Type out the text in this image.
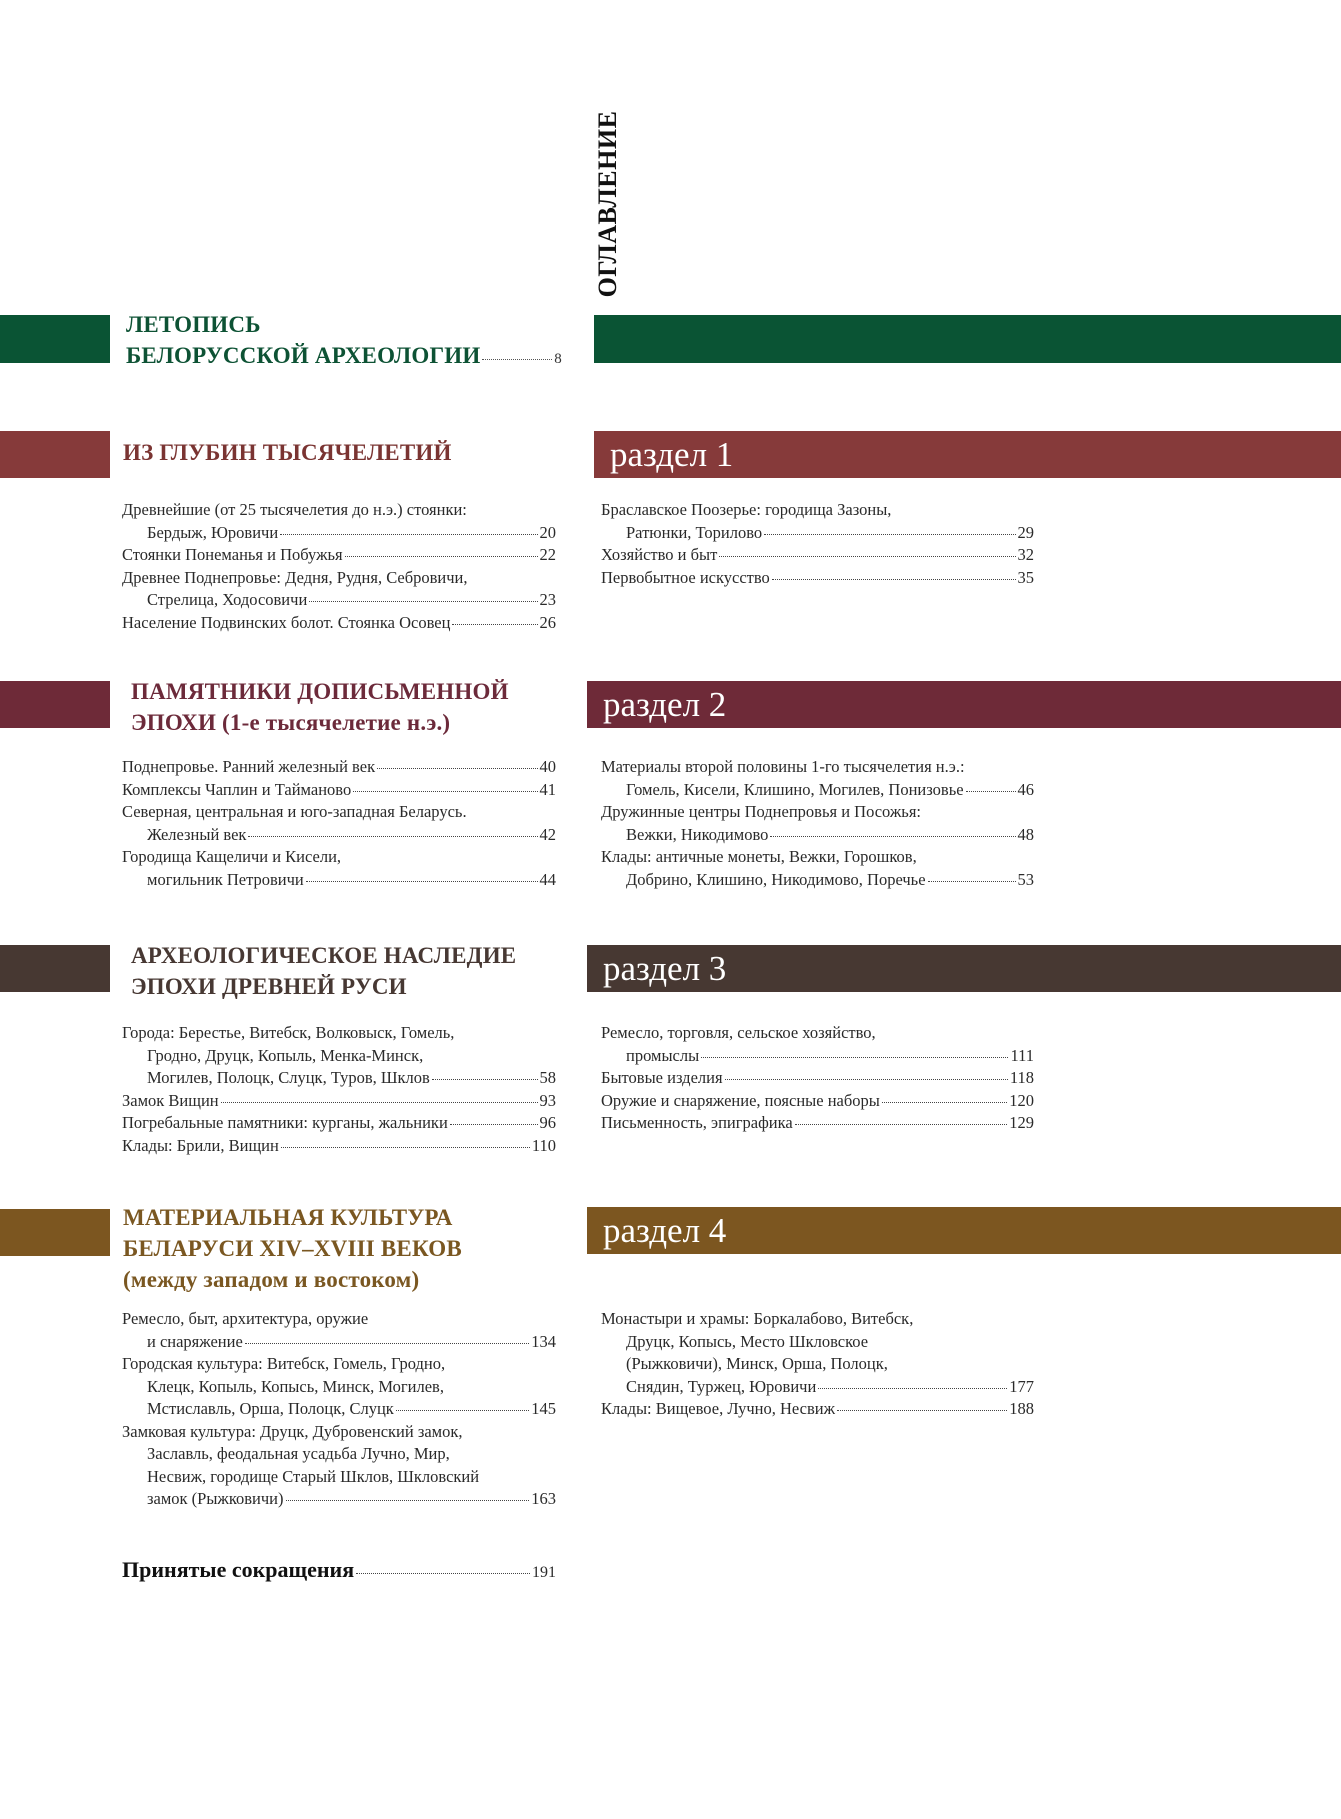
ОГЛАВЛЕНИЕ
ЛЕТОПИСЬ
БЕЛОРУССКОЙ АРХЕОЛОГИИ	8
раздел 1
ИЗ ГЛУБИН ТЫСЯЧЕЛЕТИЙ
Древнейшие (от 25 тысячелетия до н.э.) стоянки:
Бердыж, Юровичи	20
Стоянки Понеманья и Побужья	22
Древнее Поднепровье: Дедня, Рудня, Себровичи,
Стрелица, Ходосовичи	23
Население Подвинских болот. Стоянка Осовец	26
Браславское Поозерье: городища Зазоны,
Ратюнки, Торилово	29
Хозяйство и быт	32
Первобытное искусство	35
раздел 2
ПАМЯТНИКИ ДОПИСЬМЕННОЙ
ЭПОХИ (1-е тысячелетие н.э.)
Поднепровье. Ранний железный век	40
Комплексы Чаплин и Тайманово	41
Северная, центральная и юго-западная Беларусь.
Железный век	42
Городища Кащеличи и Кисели,
могильник Петровичи	44
Материалы второй половины 1-го тысячелетия н.э.:
Гомель, Кисели, Клишино, Могилев, Понизовье	46
Дружинные центры Поднепровья и Посожья:
Вежки, Никодимово	48
Клады: античные монеты, Вежки, Горошков,
Добрино, Клишино, Никодимово, Поречье	53
раздел 3
АРХЕОЛОГИЧЕСКОЕ НАСЛЕДИЕ
ЭПОХИ ДРЕВНЕЙ РУСИ
Города: Берестье, Витебск, Волковыск, Гомель,
Гродно, Друцк, Копыль, Менка-Минск,
Могилев, Полоцк, Слуцк, Туров, Шклов	58
Замок Вищин	93
Погребальные памятники: курганы, жальники	96
Клады: Брили, Вищин	110
Ремесло, торговля, сельское хозяйство,
промыслы	111
Бытовые изделия	118
Оружие и снаряжение, поясные наборы	120
Письменность, эпиграфика	129
раздел 4
МАТЕРИАЛЬНАЯ КУЛЬТУРА
БЕЛАРУСИ XIV–XVIII ВЕКОВ
(между западом и востоком)
Ремесло, быт, архитектура, оружие
и снаряжение	134
Городская культура: Витебск, Гомель, Гродно,
Клецк, Копыль, Копысь, Минск, Могилев,
Мстиславль, Орша, Полоцк, Слуцк	145
Замковая культура: Друцк, Дубровенский замок,
Заславль, феодальная усадьба Лучно, Мир,
Несвиж, городище Старый Шклов, Шкловский
замок (Рыжковичи)	163
Монастыри и храмы: Боркалабово, Витебск,
Друцк, Копысь, Место Шкловское
(Рыжковичи), Минск, Орша, Полоцк,
Снядин, Туржец, Юровичи	177
Клады: Вищевое, Лучно, Несвиж	188
Принятые сокращения	191
